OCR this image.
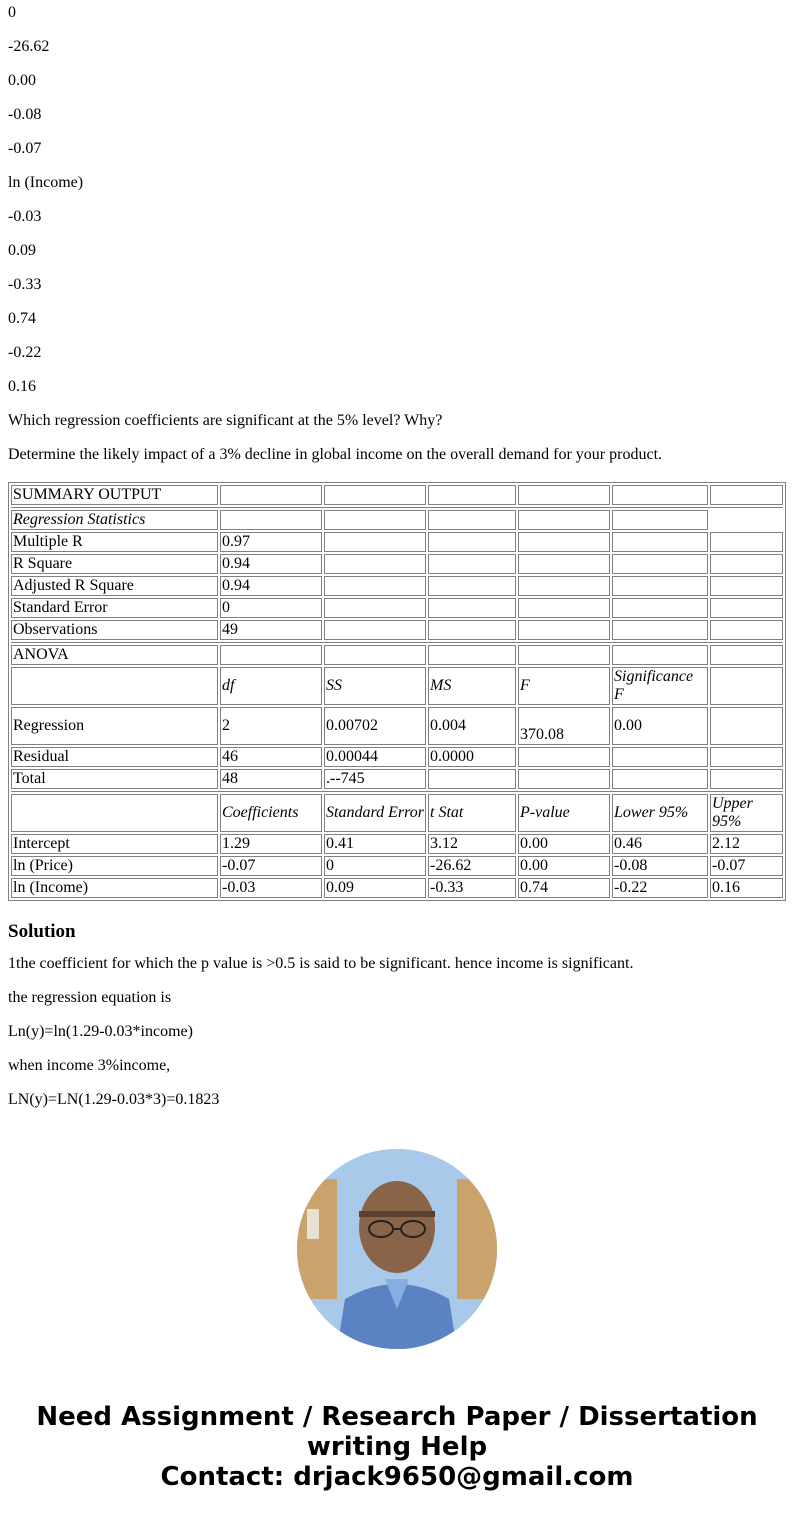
0

-26.62

0.00

-0.08

-0.07

ln (Income)

-0.03

0.09

-0.33

0.74

-0.22

0.16

Which regression coefficients are significant at the 5% level? Why?

Determine the likely impact of a 3% decline in global income on the overall demand for your product.

SUMMARY OUTPUT						

Regression Statistics						
Multiple R	0.97					
R Square	0.94					
Adjusted R Square	0.94					
Standard Error	0					
Observations	49					

ANOVA						
	df	SS	MS	F	Significance F	
Regression	2	0.00702	0.004	370.08	0.00	
Residual	46	0.00044	0.0000			
Total	48	.--745				

	Coefficients	Standard Error	t Stat	P-value	Lower 95%	Upper 95%
Intercept	1.29	0.41	3.12	0.00	0.46	2.12
ln (Price)	-0.07	0	-26.62	0.00	-0.08	-0.07
ln (Income)	-0.03	0.09	-0.33	0.74	-0.22	0.16
Solution

1the coefficient for which the p value is >0.5 is said to be significant. hence income is significant.

the regression equation is

Ln(y)=ln(1.29-0.03*income)

when income 3%income,

LN(y)=LN(1.29-0.03*3)=0.1823

Need Assignment / Research Paper / Dissertation
writing Help
Contact: drjack9650@gmail.com
